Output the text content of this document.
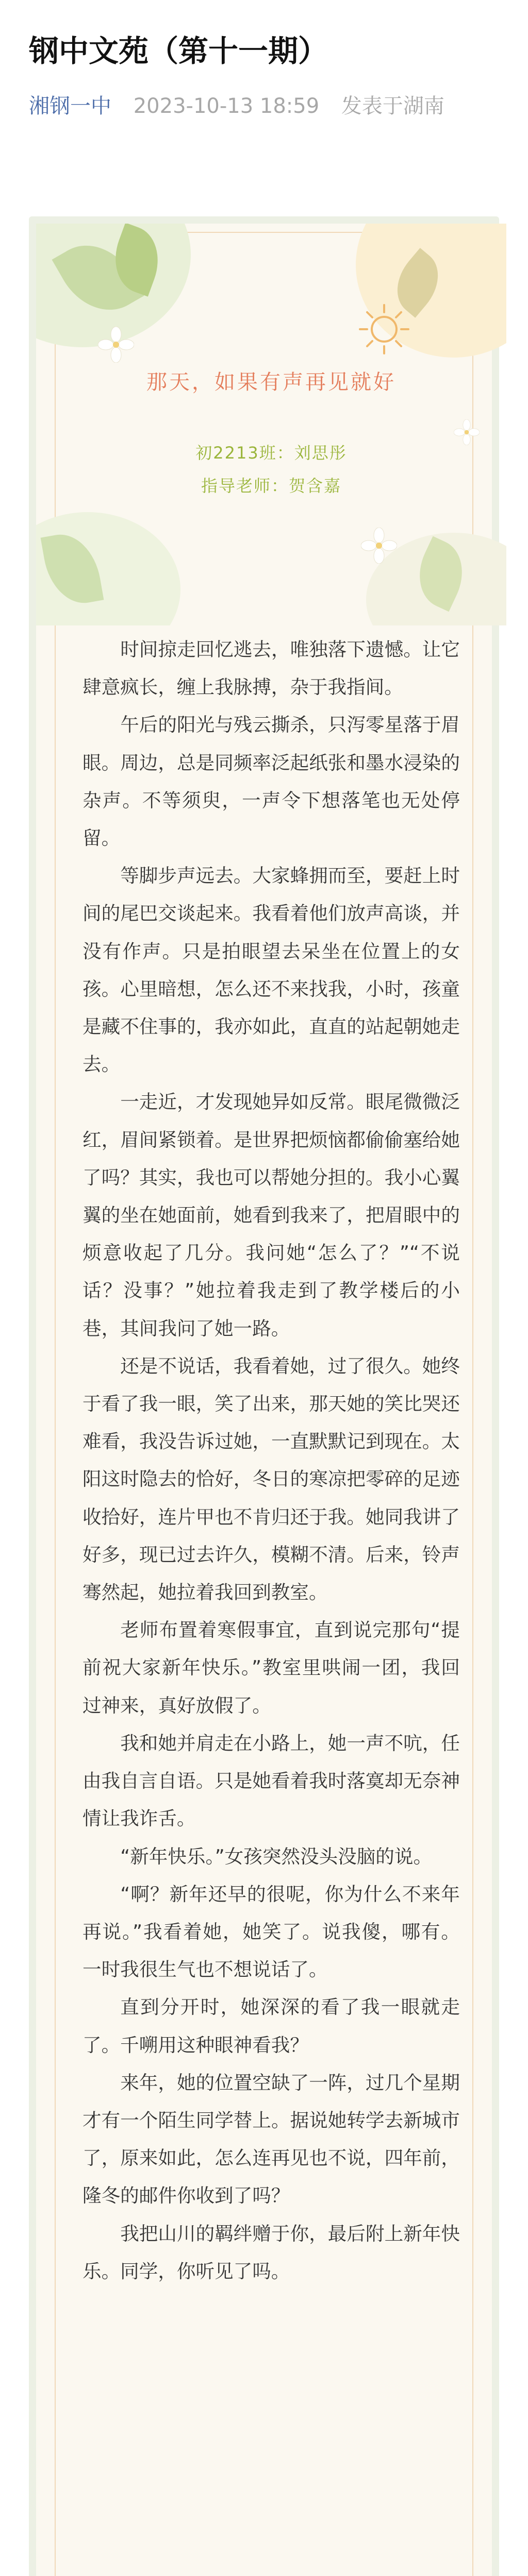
钢中文苑（第十一期）
湘钢一中 2023-10-13 18:59 发表于湖南
那天，如果有声再见就好
初2213班：刘思彤
指导老师：贺含嘉

时间掠走回忆逃去，唯独落下遗憾。让它肆意疯长，缠上我脉搏，杂于我指间。

午后的阳光与残云撕杀，只泻零星落于眉眼。周边，总是同频率泛起纸张和墨水浸染的杂声。不等须臾，一声令下想落笔也无处停留。

等脚步声远去。大家蜂拥而至，要赶上时间的尾巴交谈起来。我看着他们放声高谈，并没有作声。只是拍眼望去呆坐在位置上的女孩。心里暗想，怎么还不来找我，小时，孩童是藏不住事的，我亦如此，直直的站起朝她走去。

一走近，才发现她异如反常。眼尾微微泛红，眉间紧锁着。是世界把烦恼都偷偷塞给她了吗？其实，我也可以帮她分担的。我小心翼翼的坐在她面前，她看到我来了，把眉眼中的烦意收起了几分。我问她“怎么了？”“不说话？没事？”她拉着我走到了教学楼后的小巷，其间我问了她一路。

还是不说话，我看着她，过了很久。她终于看了我一眼，笑了出来，那天她的笑比哭还难看，我没告诉过她，一直默默记到现在。太阳这时隐去的恰好，冬日的寒凉把零碎的足迹收拾好，连片甲也不肯归还于我。她同我讲了好多，现已过去许久，模糊不清。后来，铃声骞然起，她拉着我回到教室。

老师布置着寒假事宜，直到说完那句“提前祝大家新年快乐。”教室里哄闹一团，我回过神来，真好放假了。

我和她并肩走在小路上，她一声不吭，任由我自言自语。只是她看着我时落寞却无奈神情让我诈舌。

“新年快乐。”女孩突然没头没脑的说。

“啊？新年还早的很呢，你为什么不来年再说。”我看着她，她笑了。说我傻，哪有。一时我很生气也不想说话了。

直到分开时，她深深的看了我一眼就走了。千嗍用这种眼神看我？

来年，她的位置空缺了一阵，过几个星期才有一个陌生同学替上。据说她转学去新城市了，原来如此，怎么连再见也不说，四年前，隆冬的邮件你收到了吗？

我把山川的羁绊赠于你，最后附上新年快乐。同学，你听见了吗。
